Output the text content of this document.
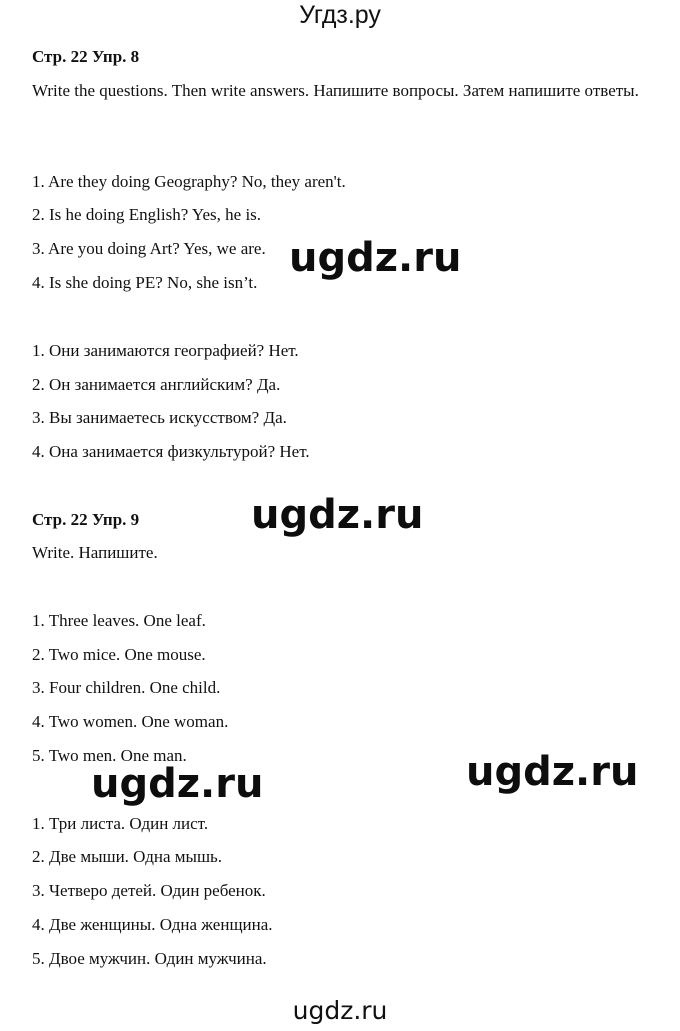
Угдз.ру
Стр. 22 Упр. 8
Write the questions. Then write answers. Напишите вопросы. Затем напишите ответы.
1. Are they doing Geography? No, they aren't.
2. Is he doing English? Yes, he is.
3. Are you doing Art? Yes, we are.
4. Is she doing PE? No, she isn’t.
1. Они занимаются географией? Нет.
2. Он занимается английским? Да.
3. Вы занимаетесь искусством? Да.
4. Она занимается физкультурой? Нет.
Стр. 22 Упр. 9
Write. Напишите.
1. Three leaves. One leaf.
2. Two mice. One mouse.
3. Four children. One child.
4. Two women. One woman.
5. Two men. One man.
1. Три листа. Один лист.
2. Две мыши. Одна мышь.
3. Четверо детей. Один ребенок.
4. Две женщины. Одна женщина.
5. Двое мужчин. Один мужчина.
ugdz.ru
ugdz.ru
ugdz.ru	ugdz.ru
ugdz.ru
